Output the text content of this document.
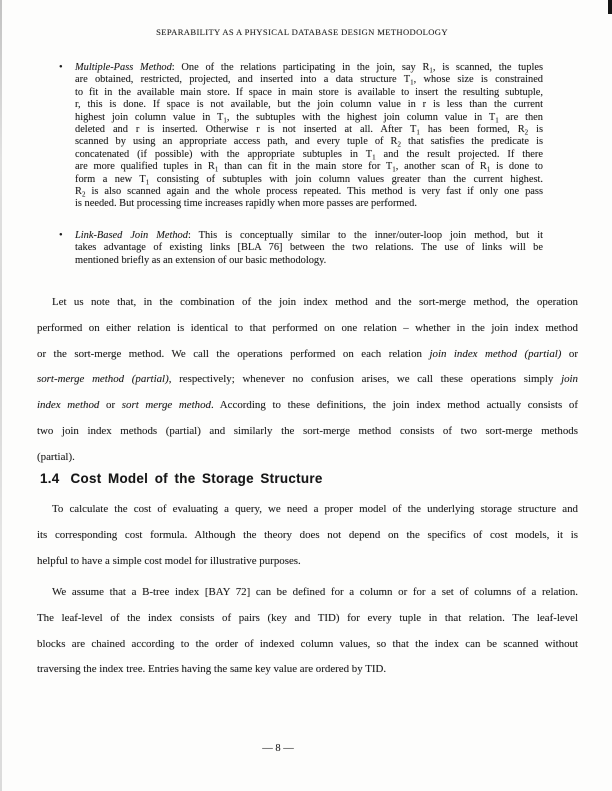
SEPARABILITY AS A PHYSICAL DATABASE DESIGN METHODOLOGY
•	Multiple-Pass Method: One of the relations participating in the join, say $R_1$, is scanned, the tuples
are obtained, restricted, projected, and inserted into a data structure $T_1$, whose size is constrained
to fit in the available main store. If space in main store is available to insert the resulting subtuple,
r, this is done. If space is not available, but the join column value in r is less than the current
highest join column value in $T_1$, the subtuples with the highest join column value in $T_1$ are then
deleted and r is inserted. Otherwise r is not inserted at all. After $T_1$ has been formed, $R_2$ is
scanned by using an appropriate access path, and every tuple of $R_2$ that satisfies the predicate is
concatenated (if possible) with the appropriate subtuples in $T_1$ and the result projected. If there
are more qualified tuples in $R_1$ than can fit in the main store for $T_1$, another scan of $R_1$ is done to
form a new $T_1$ consisting of subtuples with join column values greater than the current highest.
$R_2$ is also scanned again and the whole process repeated. This method is very fast if only one pass
is needed. But processing time increases rapidly when more passes are performed.
•	Link-Based Join Method: This is conceptually similar to the inner/outer-loop join method, but it
takes advantage of existing links [BLA 76] between the two relations. The use of links will be
mentioned briefly as an extension of our basic methodology.
Let us note that, in the combination of the join index method and the sort-merge method, the operation
performed on either relation is identical to that performed on one relation – whether in the join index method
or the sort-merge method. We call the operations performed on each relation join index method (partial) or
sort-merge method (partial), respectively; whenever no confusion arises, we call these operations simply join
index method or sort merge method. According to these definitions, the join index method actually consists of
two join index methods (partial) and similarly the sort-merge method consists of two sort-merge methods
(partial).
1.4 Cost Model of the Storage Structure
To calculate the cost of evaluating a query, we need a proper model of the underlying storage structure and
its corresponding cost formula. Although the theory does not depend on the specifics of cost models, it is
helpful to have a simple cost model for illustrative purposes.
We assume that a B-tree index [BAY 72] can be defined for a column or for a set of columns of a relation.
The leaf-level of the index consists of pairs (key and TID) for every tuple in that relation. The leaf-level
blocks are chained according to the order of indexed column values, so that the index can be scanned without
traversing the index tree. Entries having the same key value are ordered by TID.
— 8 —
